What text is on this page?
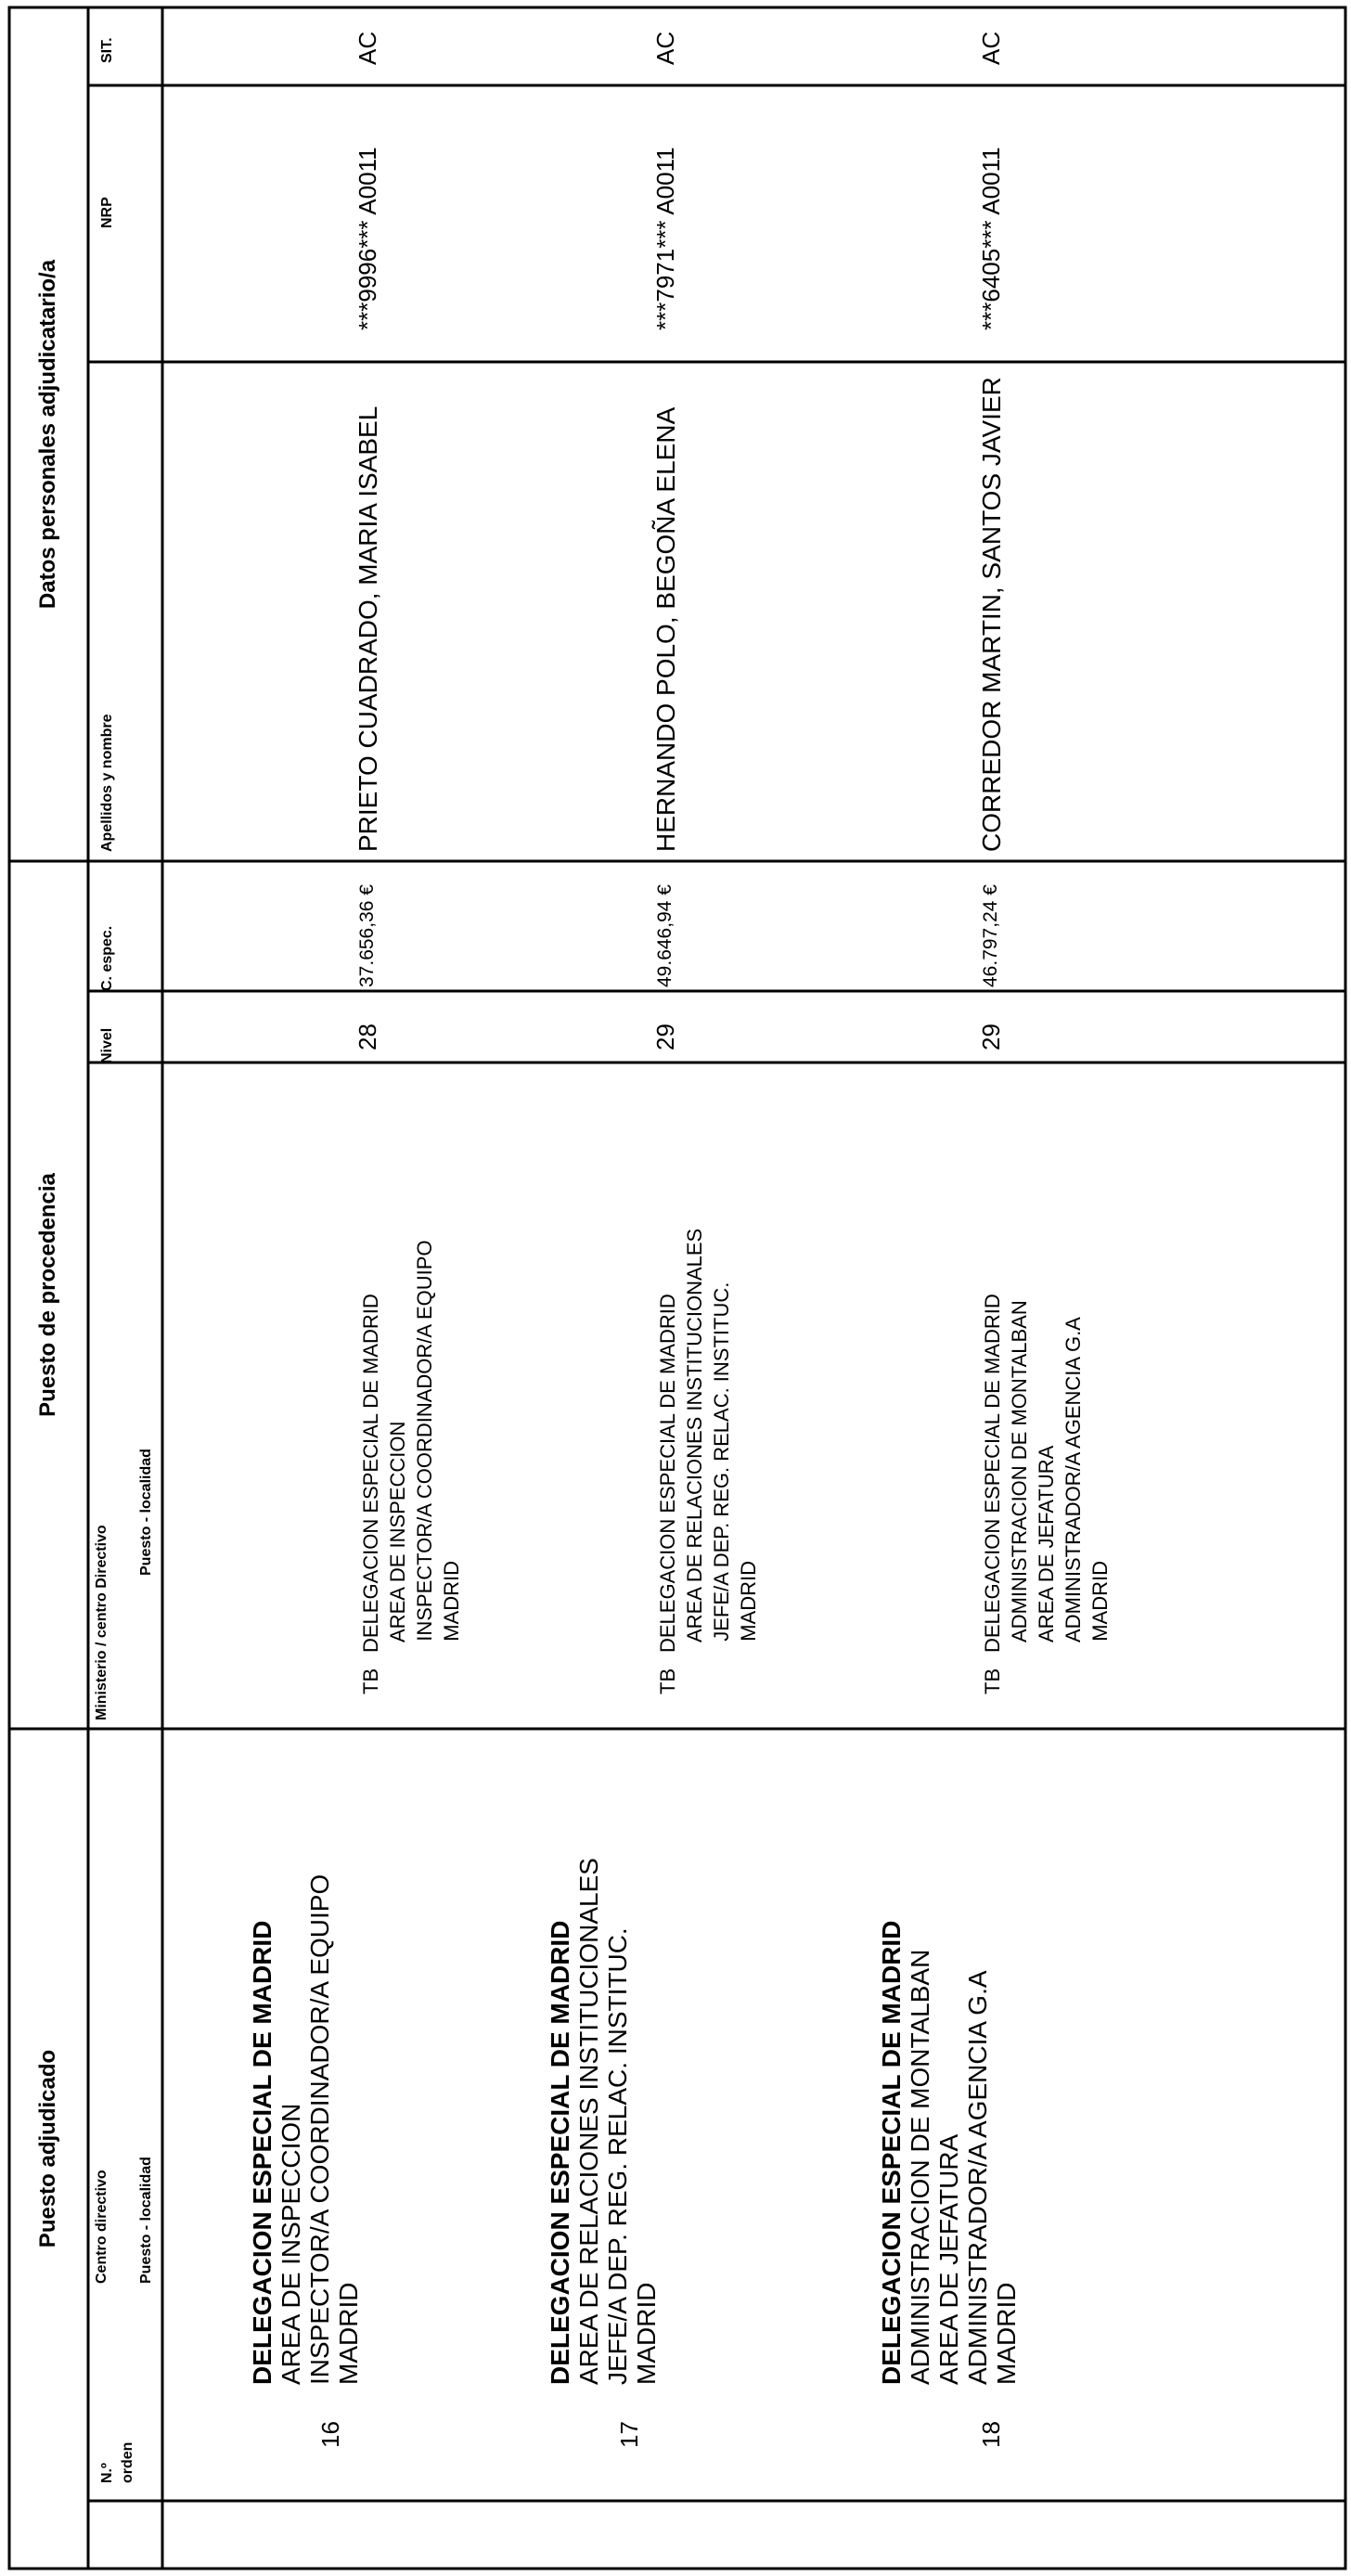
Puesto adjudicado
Puesto de procedencia
Datos personales adjudicatario/a
N.º orden
Centro directivo Puesto - localidad
Ministerio / centro Directivo
Puesto - localidad
Nivel
C. espec.
Apellidos y nombre
NRP
SIT.
16
DELEGACION ESPECIAL DE MADRID AREA DE INSPECCION
INSPECTOR/A COORDINADOR/A EQUIPO
MADRID
TB
DELEGACION ESPECIAL DE MADRID
AREA DE INSPECCION
INSPECTOR/A COORDINADOR/A EQUIPO
MADRID
28
37.656,36 €
PRIETO CUADRADO, MARIA ISABEL
***9996*** A0011
AC
17
DELEGACION ESPECIAL DE MADRID AREA DE RELACIONES INSTITUCIONALES
JEFE/A DEP. REG. RELAC. INSTITUC.
MADRID
TB
DELEGACION ESPECIAL DE MADRID
AREA DE RELACIONES INSTITUCIONALES
JEFE/A DEP. REG. RELAC. INSTITUC.
MADRID
29
49.646,94 €
HERNANDO POLO, BEGOÑA ELENA
***7971*** A0011
AC
18
DELEGACION ESPECIAL DE MADRID ADMINISTRACION DE MONTALBAN
AREA DE JEFATURA
ADMINISTRADOR/A AGENCIA G.A
MADRID
TB
DELEGACION ESPECIAL DE MADRID
ADMINISTRACION DE MONTALBAN
AREA DE JEFATURA
ADMINISTRADOR/A AGENCIA G.A
MADRID
29
46.797,24 €
CORREDOR MARTIN, SANTOS JAVIER
***6405*** A0011
AC
